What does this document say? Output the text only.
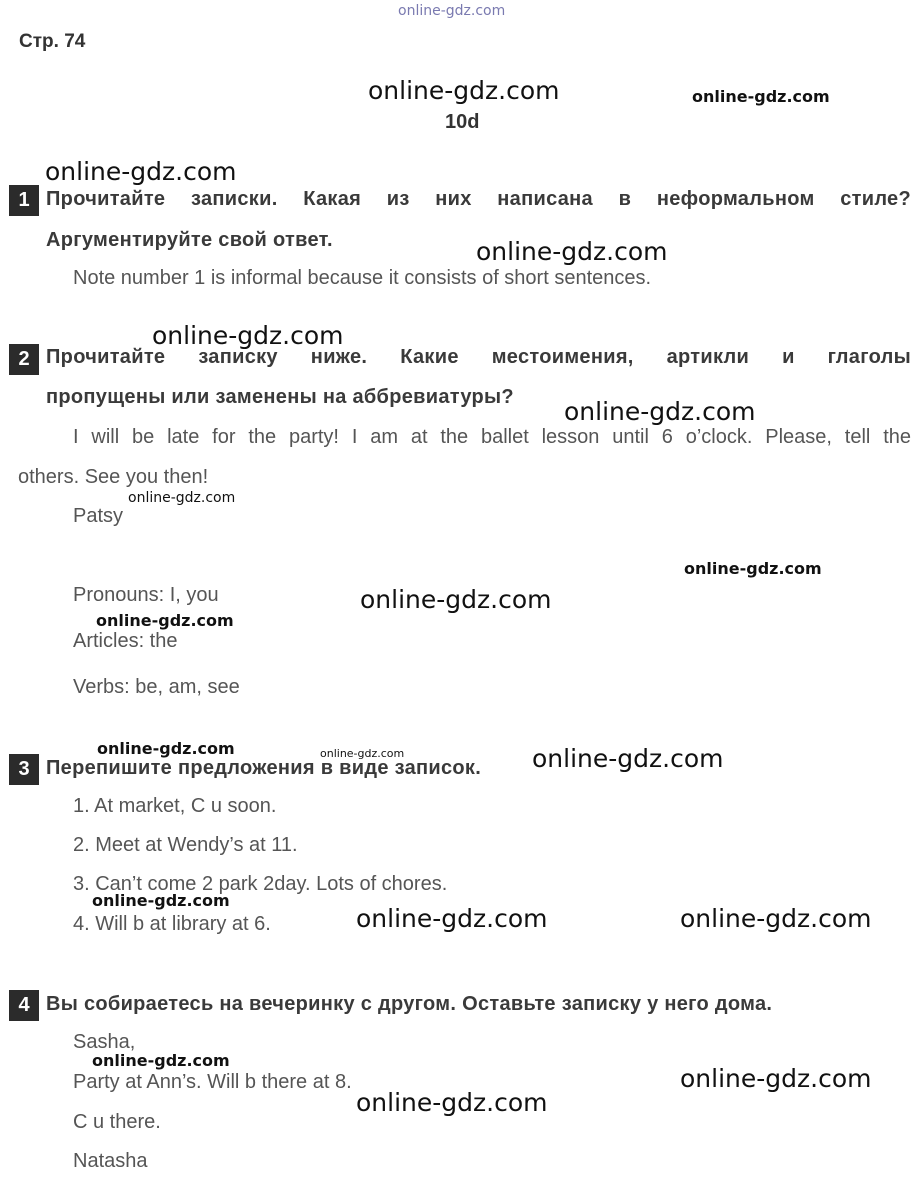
online-gdz.com
Стр. 74
10d
1 Прочитайте записки. Какая из них написана в неформальном стиле?
Аргументируйте свой ответ.
Note number 1 is informal because it consists of short sentences.
2 Прочитайте записку ниже. Какие местоимения, артикли и глаголы
пропущены или заменены на аббревиатуры?
I will be late for the party! I am at the ballet lesson until 6 o’clock. Please, tell the
others. See you then!
Patsy
Pronouns: I, you
Articles: the
Verbs: be, am, see
3 Перепишите предложения в виде записок.
1. At market, C u soon.
2. Meet at Wendy’s at 11.
3. Can’t come 2 park 2day. Lots of chores.
4. Will b at library at 6.
4 Вы собираетесь на вечеринку с другом. Оставьте записку у него дома.
Sasha,
Party at Ann’s. Will b there at 8.
C u there.
Natasha
online-gdz.com	online-gdz.com
online-gdz.com
online-gdz.com
online-gdz.com
online-gdz.com
online-gdz.com
online-gdz.com
online-gdz.com
online-gdz.com
online-gdz.com	online-gdz.com	online-gdz.com
online-gdz.com
online-gdz.com	online-gdz.com
online-gdz.com
online-gdz.com
online-gdz.com
